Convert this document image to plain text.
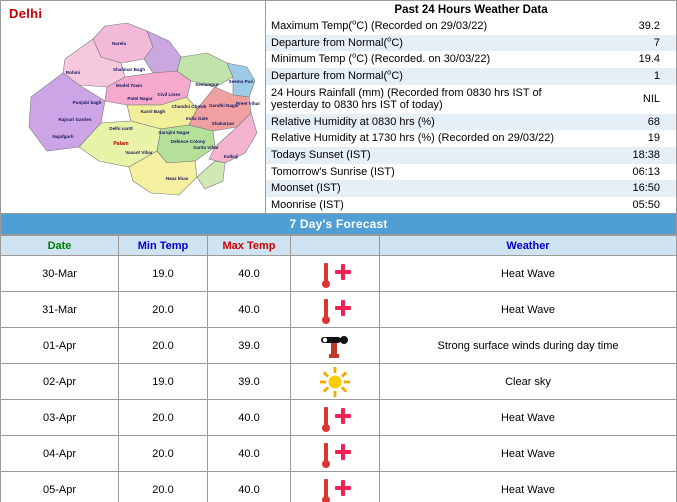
Delhi
Narela
Rohini
Shalimar Bagh
Model Town	Seelampur
Seema Puri
Punjabi bagh
Patel Nagar
Civil Lines
Rajouri Garden
Delhi cantt
Karol Bagh
Chandni Chowk Gandhi Nagar
Preet Vihar
India Gate
Shakarpur
Najafgarh
Palam
Sarojini Nagar
Sarita Vihar
Kalkaji
Vasant Vihar
Defence Colony
Hauz khas
Past 24 Hours Weather Data
Maximum Temp($^o$C) (Recorded on 29/03/22)	39.2
Departure from Normal($^o$C)	7
Minimum Temp ($^o$C) (Recorded. on 30/03/22)	19.4
Departure from Normal($^o$C)	1
24 Hours Rainfall (mm) (Recorded from 0830 hrs IST of yesterday to 0830 hrs IST of today)	NIL
Relative Humidity at 0830 hrs (%)	68
Relative Humidity at 1730 hrs (%) (Recorded on 29/03/22)	19
Todays Sunset (IST)	18:38
Tomorrow's Sunrise (IST)	06:13
Moonset (IST)	16:50
Moonrise (IST)	05:50
7 Day's Forecast
Date	Min Temp	Max Temp		Weather
30-Mar	19.0	40.0		Heat Wave
31-Mar	20.0	40.0		Heat Wave
01-Apr	20.0	39.0		Strong surface winds during day time
02-Apr	19.0	39.0		Clear sky
03-Apr	20.0	40.0		Heat Wave
04-Apr	20.0	40.0		Heat Wave
05-Apr	20.0	40.0		Heat Wave
